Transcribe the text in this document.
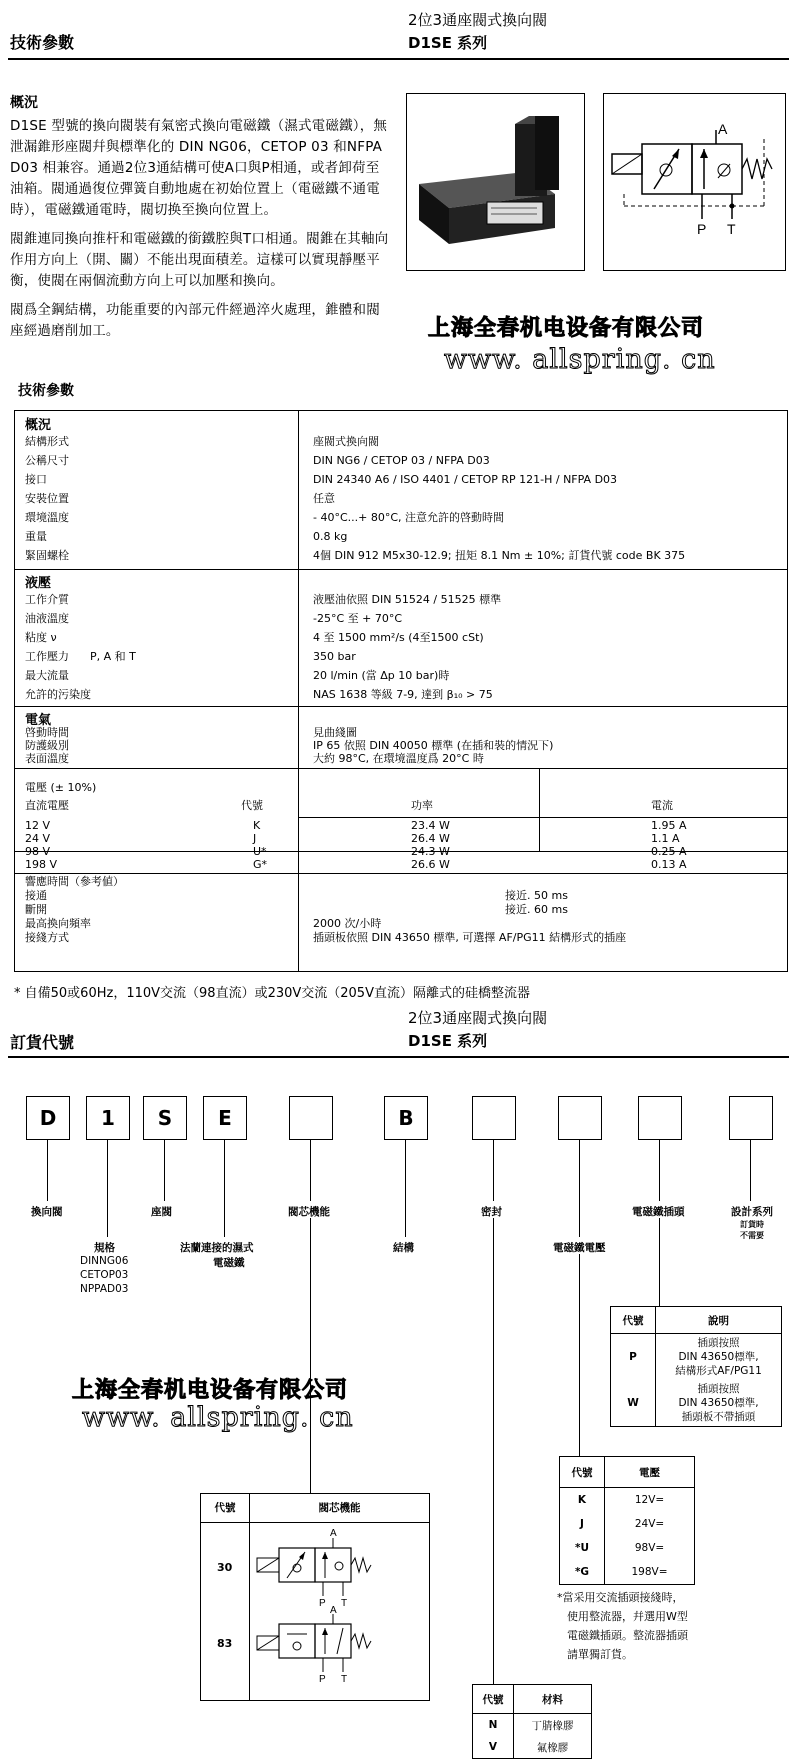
技術參數
2位3通座閥式換向閥
D1SE 系列
概況

D1SE 型號的換向閥裝有氣密式換向電磁鐵（濕式電磁鐵），無泄漏錐形座閥幷與標準化的 DIN NG06，CETOP 03 和NFPA D03 相兼容。通過2位3通結構可使A口與P相通，或者卸荷至油箱。閥通過復位彈簧自動地處在初始位置上（電磁鐵不通電時），電磁鐵通電時，閥切换至換向位置上。

閥錐連同換向推杆和電磁鐵的銜鐵腔與T口相通。閥錐在其軸向作用方向上（開、關）不能出現面積差。這樣可以實現靜壓平衡，使閥在兩個流動方向上可以加壓和換向。

閥爲全鋼結構，功能重要的內部元件經過淬火處理，錐體和閥座經過磨削加工。

A
P T
上海全春机电设备有限公司
www. allspring. cn
技術參數
概況
結構形式	座閥式換向閥
公稱尺寸	DIN NG6 / CETOP 03 / NFPA D03
接口	DIN 24340 A6 / ISO 4401 / CETOP RP 121-H / NFPA D03
安裝位置	任意
環境溫度	- 40°C...+ 80°C, 注意允許的啓動時間
重量	0.8 kg
緊固螺栓	4個 DIN 912 M5x30-12.9; 扭矩 8.1 Nm ± 10%; 訂貨代號 code BK 375
液壓
工作介質	液壓油依照 DIN 51524 / 51525 標準
油液溫度	-25°C 至 + 70°C
粘度 ν	4 至 1500 mm²/s (4至1500 cSt)
工作壓力      P, A 和 T	350 bar
最大流量	20 l/min (當 Δp 10 bar)時
允許的污染度	NAS 1638 等級 7-9, 達到 β₁₀ > 75
電氣
啓動時間	見曲綫圖
防護級別	IP 65 依照 DIN 40050 標準 (在插和裝的情況下)
表面溫度	大約 98°C, 在環境溫度爲 20°C 時
電壓 (± 10%)
直流電壓	代號	功率	電流
12 V	K	23.4 W	1.95 A
24 V	J	26.4 W	1.1 A
98 V	U*	24.3 W	0.25 A
198 V	G*	26.6 W	0.13 A
響應時間（參考値）
接通	接近. 50 ms
斷開	接近. 60 ms
最高換向頻率	2000 次/小時
接綫方式	插頭板依照 DIN 43650 標準, 可選擇 AF/PG11 結構形式的插座
* 自備50或60Hz，110V交流（98直流）或230V交流（205V直流）隔離式的硅橋整流器
訂貨代號
2位3通座閥式換向閥
D1SE 系列
D	1	S	E	B
換向閥
規格
DINNG06
CETOP03
NPPAD03
座閥
法蘭連接的濕式
電磁鐵
閥芯機能
結構
密封
電磁鐵電壓
電磁鐵插頭	設計系列
訂貨時
不需要
代號	說明
P	插頭按照
DIN 43650標準,
結構形式AF/PG11

W	插頭按照
DIN 43650標準,
插頭板不帶插頭
代號	電壓
K	12V=
J	24V=
*U	98V=
*G	198V=
*當采用交流插頭接綫時，
使用整流器，幷選用W型
電磁鐵插頭。整流器插頭
請單獨訂貨。
上海全春机电设备有限公司
www. allspring. cn
代號	閥芯機能
30
83
A
P T
A
P T
代號	材料
N	丁腈橡膠
V	氟橡膠
